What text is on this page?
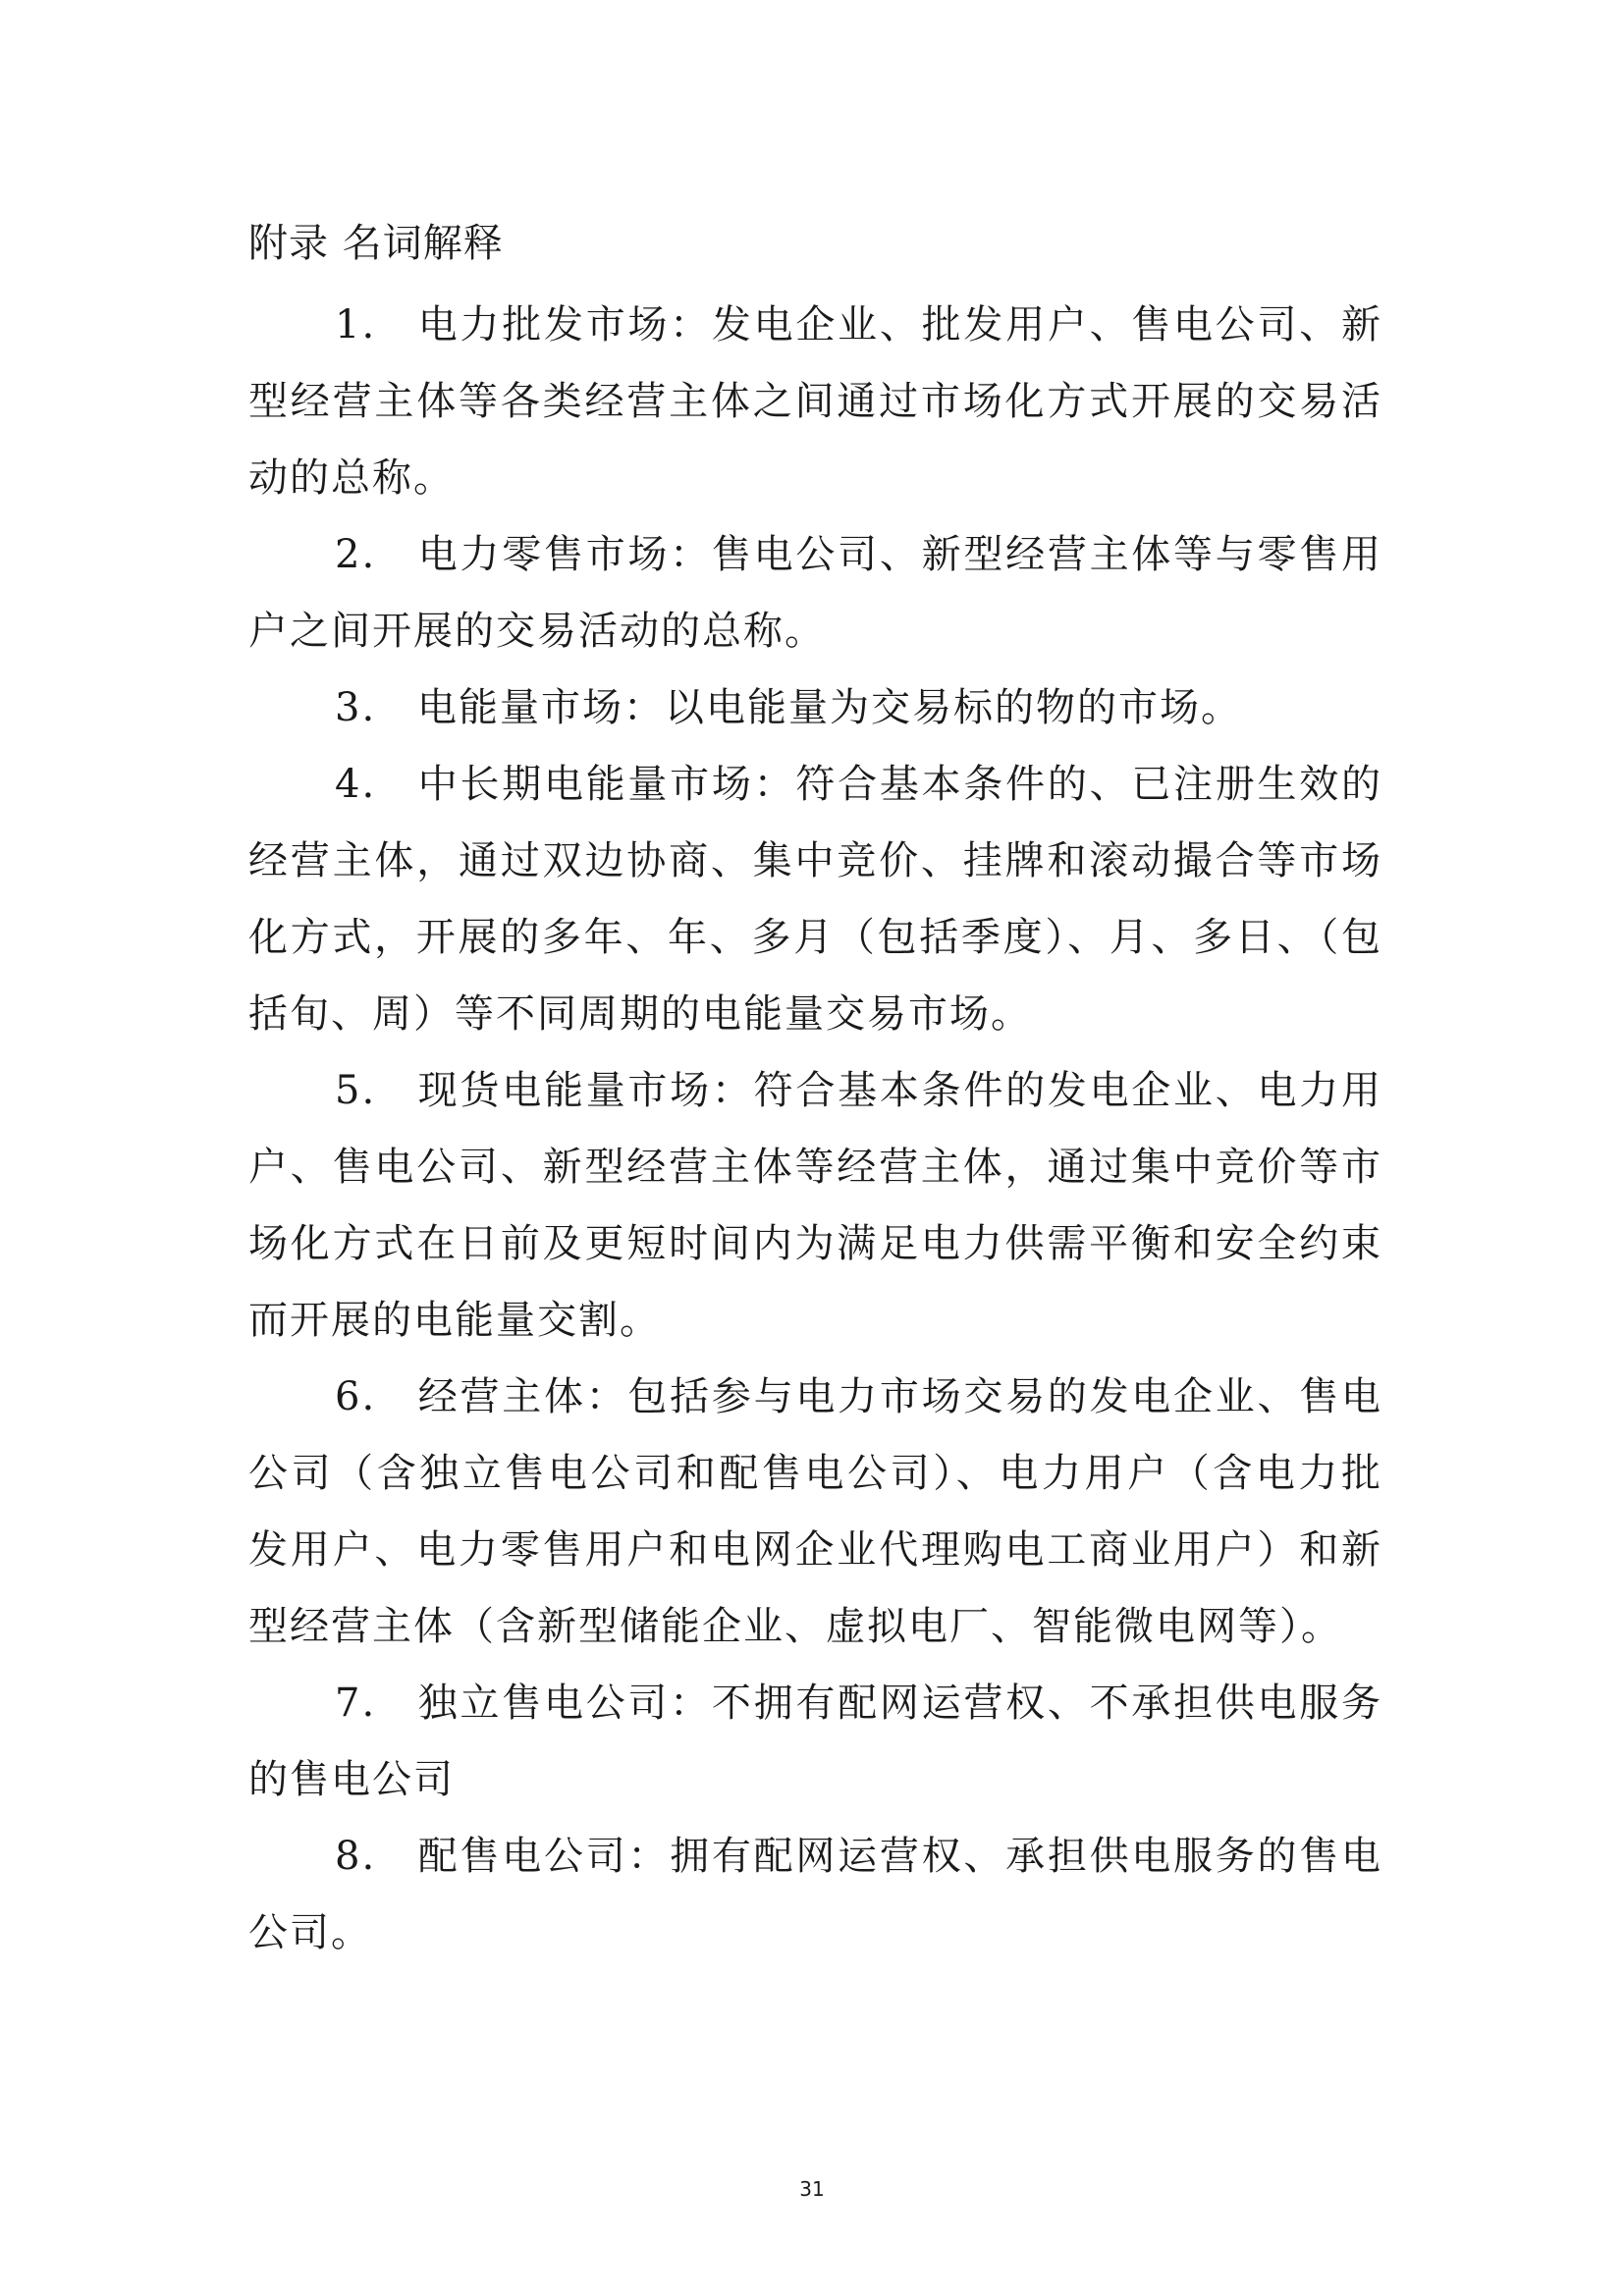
附录 名词解释

1. 电力批发市场：发电企业、批发用户、售电公司、新型经营主体等各类经营主体之间通过市场化方式开展的交易活动的总称。

2. 电力零售市场：售电公司、新型经营主体等与零售用户之间开展的交易活动的总称。

3. 电能量市场：以电能量为交易标的物的市场。

4. 中长期电能量市场：符合基本条件的、已注册生效的经营主体，通过双边协商、集中竞价、挂牌和滚动撮合等市场化方式，开展的多年、年、多月（包括季度）、月、多日、（包括旬、周）等不同周期的电能量交易市场。

5. 现货电能量市场：符合基本条件的发电企业、电力用户、售电公司、新型经营主体等经营主体，通过集中竞价等市场化方式在日前及更短时间内为满足电力供需平衡和安全约束而开展的电能量交割。

6. 经营主体：包括参与电力市场交易的发电企业、售电公司（含独立售电公司和配售电公司）、电力用户（含电力批发用户、电力零售用户和电网企业代理购电工商业用户）和新型经营主体（含新型储能企业、虚拟电厂、智能微电网等）。

7. 独立售电公司：不拥有配网运营权、不承担供电服务的售电公司

8. 配售电公司：拥有配网运营权、承担供电服务的售电公司。

31
